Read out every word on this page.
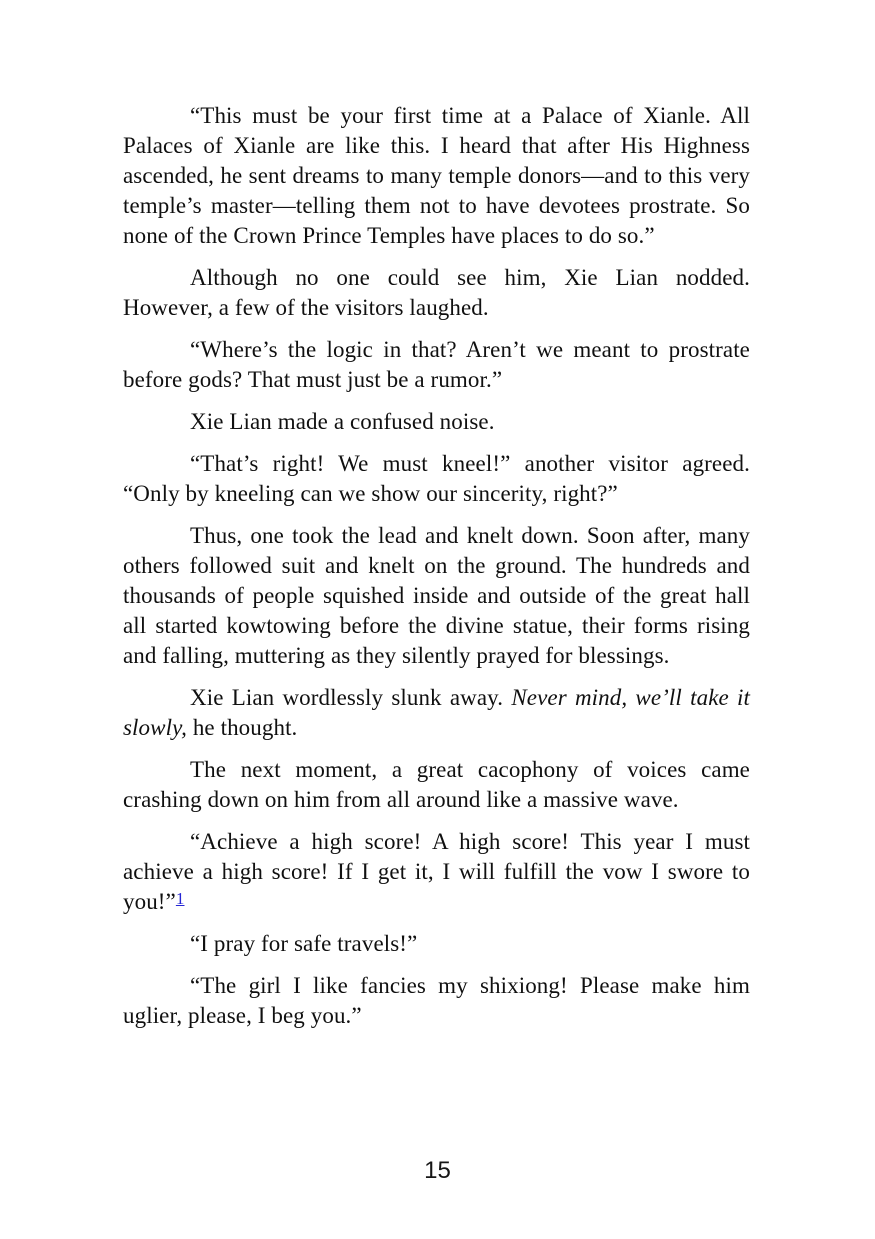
“This must be your first time at a Palace of Xianle. All Palaces of Xianle are like this. I heard that after His Highness ascended, he sent dreams to many temple donors—and to this very temple’s master—telling them not to have devotees prostrate. So none of the Crown Prince Temples have places to do so.”

Although no one could see him, Xie Lian nodded. However, a few of the visitors laughed.

“Where’s the logic in that? Aren’t we meant to prostrate before gods? That must just be a rumor.”

Xie Lian made a confused noise.

“That’s right! We must kneel!” another visitor agreed. “Only by kneeling can we show our sincerity, right?”

Thus, one took the lead and knelt down. Soon after, many others followed suit and knelt on the ground. The hundreds and thousands of people squished inside and outside of the great hall all started kowtowing before the divine statue, their forms rising and falling, muttering as they silently prayed for blessings.

Xie Lian wordlessly slunk away. Never mind, we’ll take it slowly, he thought.

The next moment, a great cacophony of voices came crashing down on him from all around like a massive wave.

“Achieve a high score! A high score! This year I must achieve a high score! If I get it, I will fulfill the vow I swore to you!”$^1$

“I pray for safe travels!”

“The girl I like fancies my shixiong! Please make him uglier, please, I beg you.”

15
